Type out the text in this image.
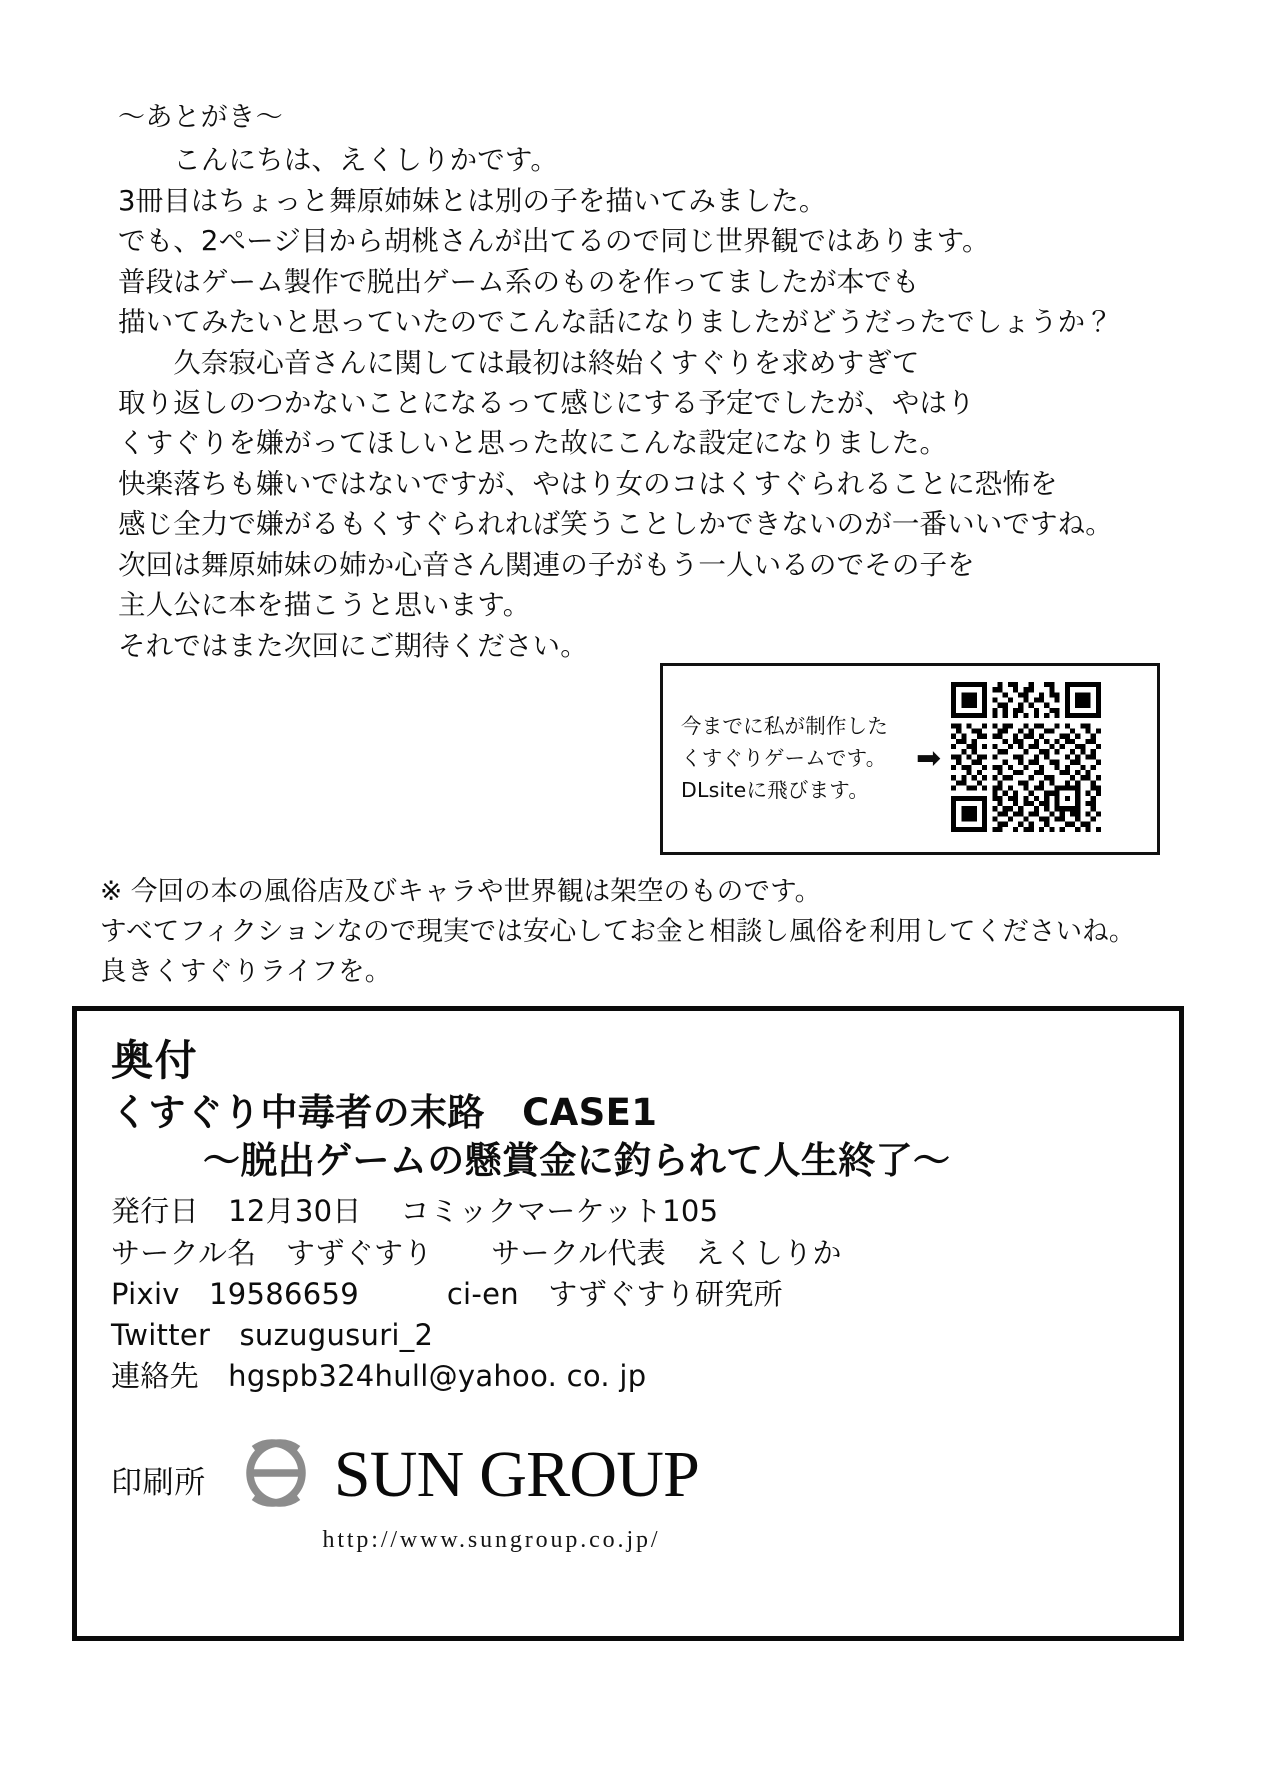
〜あとがき〜

　　こんにちは、えくしりかです。

3冊目はちょっと舞原姉妹とは別の子を描いてみました。

でも、2ページ目から胡桃さんが出てるので同じ世界観ではあります。

普段はゲーム製作で脱出ゲーム系のものを作ってましたが本でも

描いてみたいと思っていたのでこんな話になりましたがどうだったでしょうか？

　　久奈寂心音さんに関しては最初は終始くすぐりを求めすぎて

取り返しのつかないことになるって感じにする予定でしたが、やはり

くすぐりを嫌がってほしいと思った故にこんな設定になりました。

快楽落ちも嫌いではないですが、やはり女のコはくすぐられることに恐怖を

感じ全力で嫌がるもくすぐられれば笑うことしかできないのが一番いいですね。

次回は舞原姉妹の姉か心音さん関連の子がもう一人いるのでその子を

主人公に本を描こうと思います。

それではまた次回にご期待ください。

今までに私が制作した
くすぐりゲームです。
DLsiteに飛びます。
➡

※ 今回の本の風俗店及びキャラや世界観は架空のものです。

すべてフィクションなので現実では安心してお金と相談し風俗を利用してくださいね。

良きくすぐりライフを。

奥付
くすぐり中毒者の末路　CASE1
〜脱出ゲームの懸賞金に釣られて人生終了〜
発行日　12月30日　 コミックマーケット105
サークル名　すずぐすり　　サークル代表　えくしりか
Pixiv　19586659　　　ci-en　すずぐすり研究所
Twitter　suzugusuri_2
連絡先　hgspb324hull@yahoo. co. jp
印刷所 SUN GROUP
http://www.sungroup.co.jp/
